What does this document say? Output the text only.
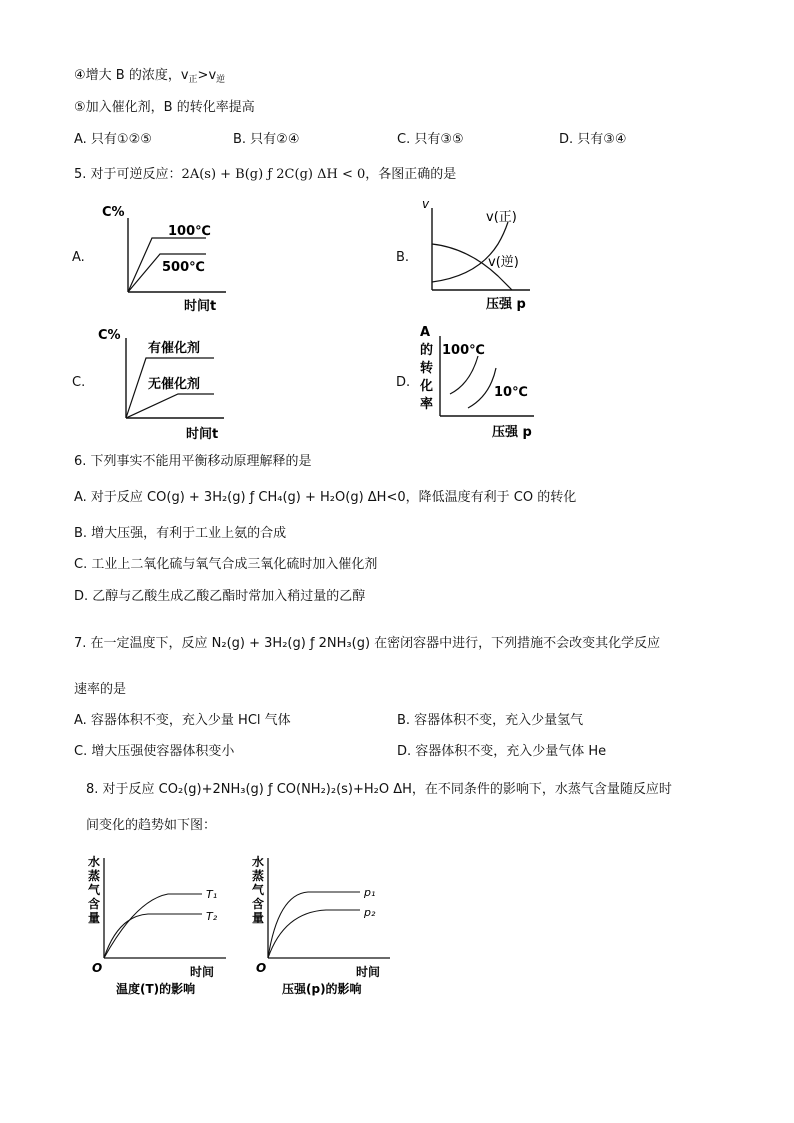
④增大 B 的浓度，$v_正>v_逆$
⑤加入催化剂，B 的转化率提高
A. 只有①②⑤	B. 只有②④	C. 只有③⑤	D. 只有③④
5. 对于可逆反应：2A(s) + B(g) ƒ 2C(g) ΔH < 0，各图正确的是
A.	B.
C.	D.
C%
100℃
500℃
时间t
v
v(正)
v(逆)
压强 p
C%
有催化剂
无催化剂
时间t
A
的
转
化
率
100℃
10℃
压强 p
6. 下列事实不能用平衡移动原理解释的是
A. 对于反应 CO(g) + 3H₂(g) ƒ CH₄(g) + H₂O(g) ΔH<0，降低温度有利于 CO 的转化
B. 增大压强，有利于工业上氨的合成
C. 工业上二氧化硫与氧气合成三氧化硫时加入催化剂
D. 乙醇与乙酸生成乙酸乙酯时常加入稍过量的乙醇
7. 在一定温度下，反应 N₂(g) + 3H₂(g) ƒ 2NH₃(g) 在密闭容器中进行，下列措施不会改变其化学反应
速率的是
A. 容器体积不变，充入少量 HCl 气体	B. 容器体积不变，充入少量氢气
C. 增大压强使容器体积变小	D. 容器体积不变，充入少量气体 He
8. 对于反应 CO₂(g)+2NH₃(g) ƒ CO(NH₂)₂(s)+H₂O ΔH，在不同条件的影响下，水蒸气含量随反应时
间变化的趋势如下图：
水
蒸
气
含
量
T₁
T₂
O	时间
温度(T)的影响
水
蒸
气
含
量
p₁
p₂
O	时间
压强(p)的影响
